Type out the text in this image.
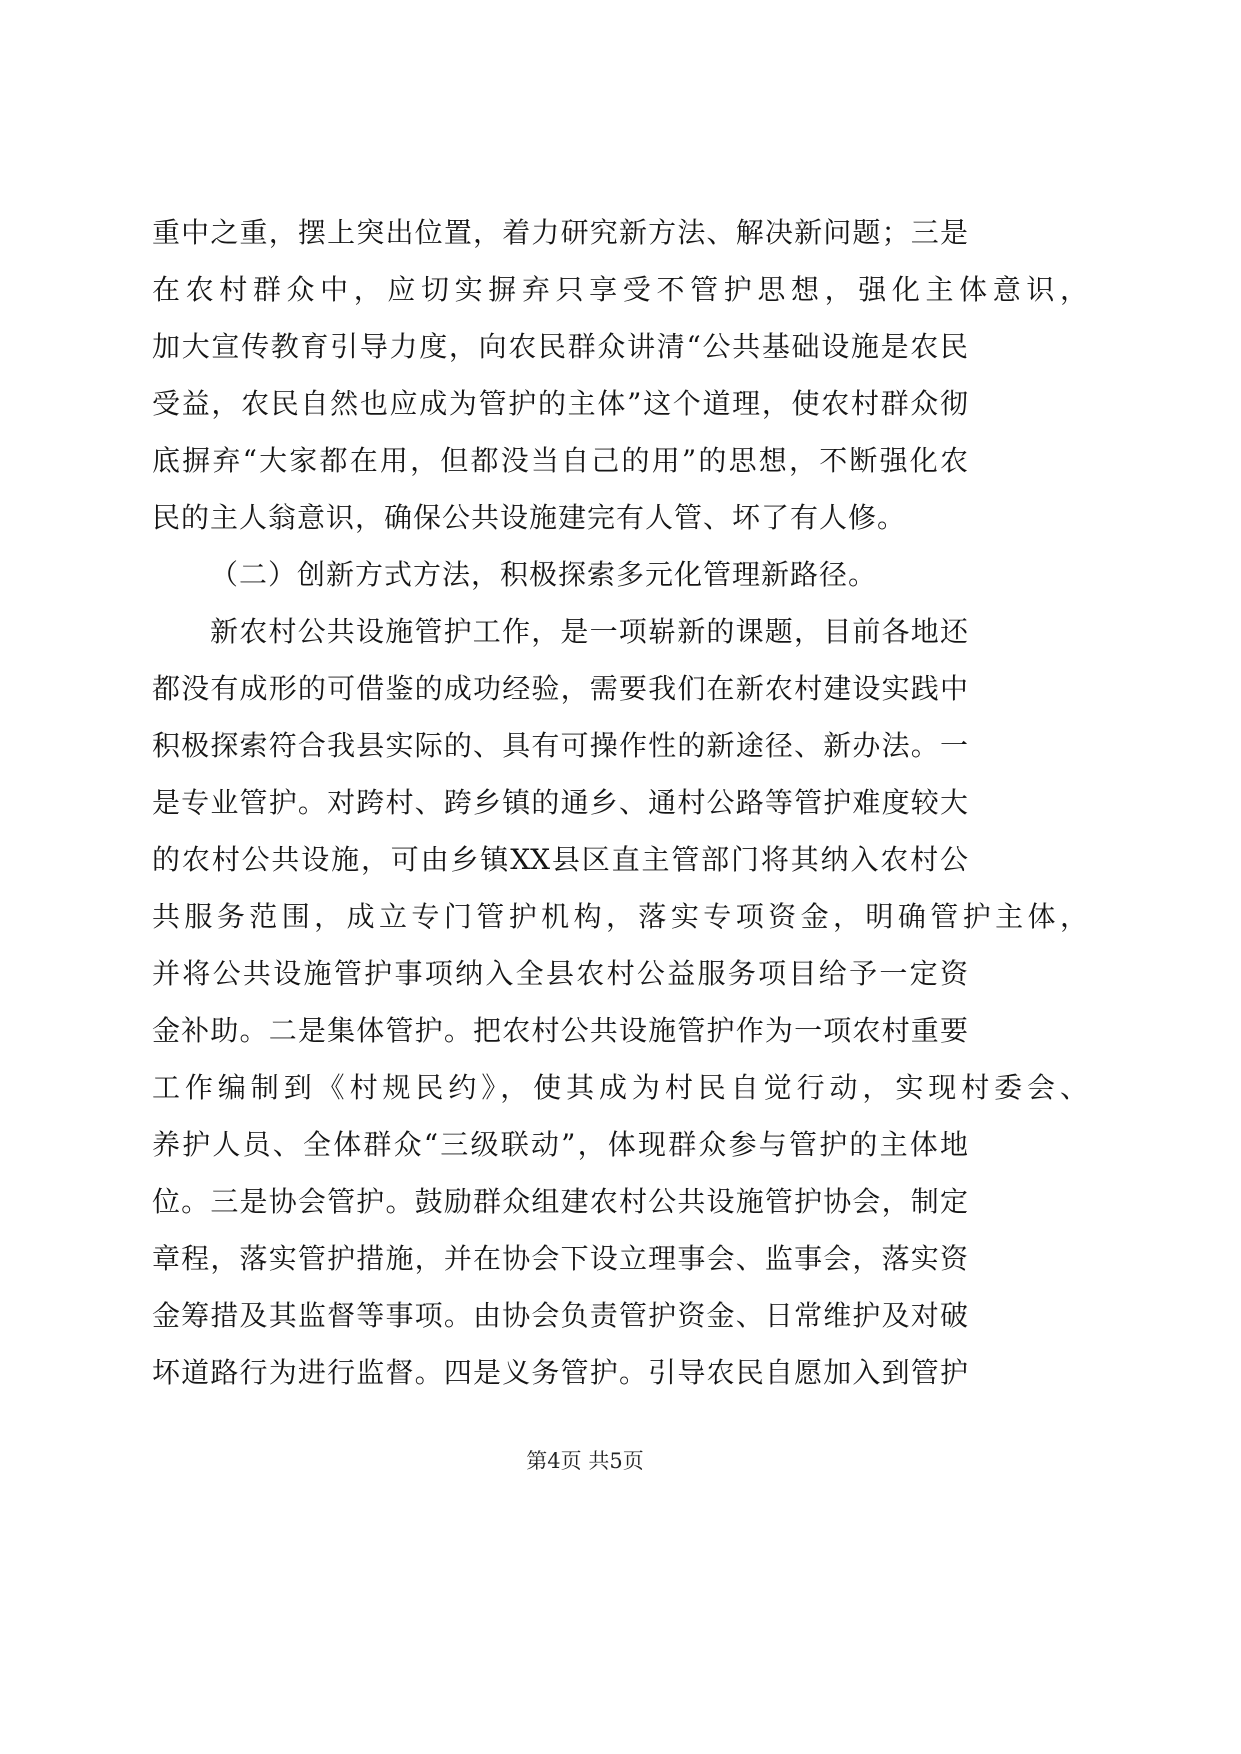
重中之重，摆上突出位置，着力研究新方法、解决新问题；三是
在农村群众中，应切实摒弃只享受不管护思想，强化主体意识，
加大宣传教育引导力度，向农民群众讲清“公共基础设施是农民
受益，农民自然也应成为管护的主体”这个道理，使农村群众彻
底摒弃“大家都在用，但都没当自己的用”的思想，不断强化农
民的主人翁意识，确保公共设施建完有人管、坏了有人修。
（二）创新方式方法，积极探索多元化管理新路径。
新农村公共设施管护工作，是一项崭新的课题，目前各地还
都没有成形的可借鉴的成功经验，需要我们在新农村建设实践中
积极探索符合我县实际的、具有可操作性的新途径、新办法。一
是专业管护。对跨村、跨乡镇的通乡、通村公路等管护难度较大
的农村公共设施，可由乡镇XX县区直主管部门将其纳入农村公
共服务范围，成立专门管护机构，落实专项资金，明确管护主体，
并将公共设施管护事项纳入全县农村公益服务项目给予一定资
金补助。二是集体管护。把农村公共设施管护作为一项农村重要
工作编制到《村规民约》，使其成为村民自觉行动，实现村委会、
养护人员、全体群众“三级联动”，体现群众参与管护的主体地
位。三是协会管护。鼓励群众组建农村公共设施管护协会，制定
章程，落实管护措施，并在协会下设立理事会、监事会，落实资
金筹措及其监督等事项。由协会负责管护资金、日常维护及对破
坏道路行为进行监督。四是义务管护。引导农民自愿加入到管护
第4页 共5页
